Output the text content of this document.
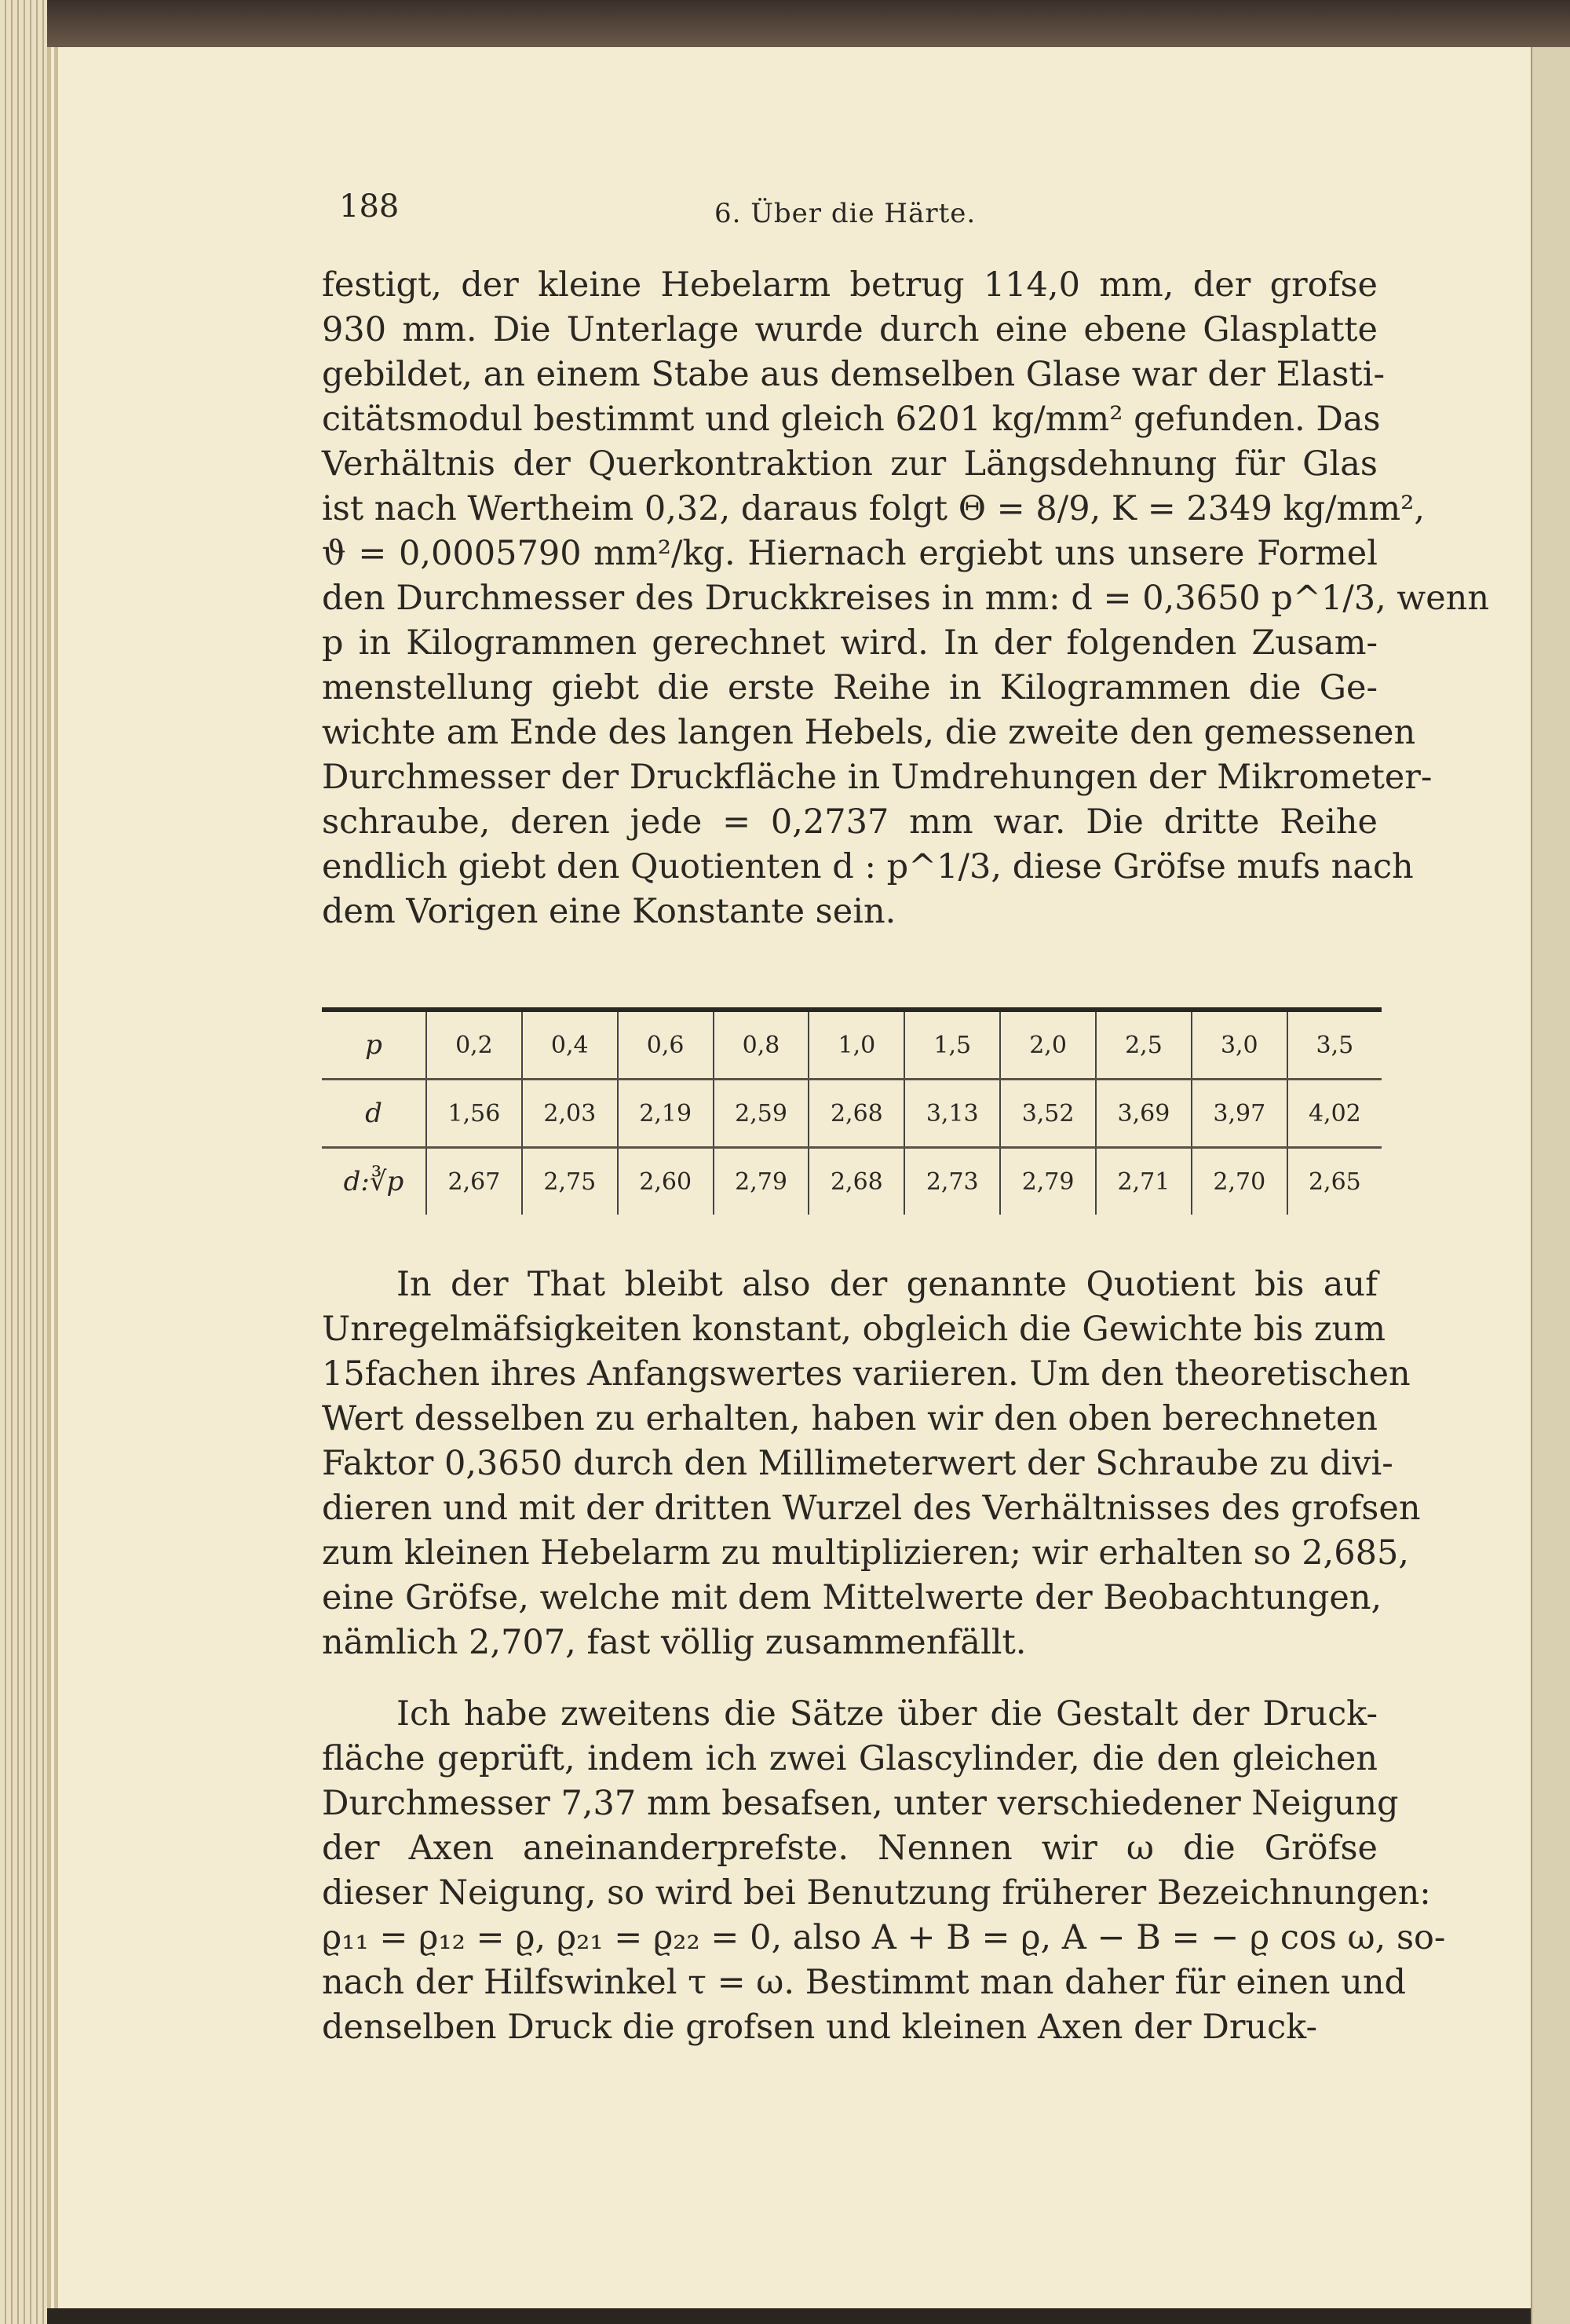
188	6. Über die Härte.
festigt, der kleine Hebelarm betrug 114,0 mm, der grofse
930 mm. Die Unterlage wurde durch eine ebene Glasplatte
gebildet, an einem Stabe aus demselben Glase war der Elasti-
citätsmodul bestimmt und gleich 6201 kg/mm² gefunden. Das
Verhältnis der Querkontraktion zur Längsdehnung für Glas
ist nach Wertheim 0,32, daraus folgt Θ = 8/9, K = 2349 kg/mm²,
ϑ = 0,0005790 mm²/kg. Hiernach ergiebt uns unsere Formel
den Durchmesser des Druckkreises in mm: d = 0,3650 p^1/3, wenn
p in Kilogrammen gerechnet wird. In der folgenden Zusam-
menstellung giebt die erste Reihe in Kilogrammen die Ge-
wichte am Ende des langen Hebels, die zweite den gemessenen
Durchmesser der Druckfläche in Umdrehungen der Mikrometer-
schraube, deren jede = 0,2737 mm war. Die dritte Reihe
endlich giebt den Quotienten d : p^1/3, diese Gröfse mufs nach
dem Vorigen eine Konstante sein.
p	0,2	0,4	0,6	0,8	1,0	1,5	2,0	2,5	3,0	3,5
d	1,56	2,03	2,19	2,59	2,68	3,13	3,52	3,69	3,97	4,02
d:∛p	2,67	2,75	2,60	2,79	2,68	2,73	2,79	2,71	2,70	2,65
In der That bleibt also der genannte Quotient bis auf
Unregelmäfsigkeiten konstant, obgleich die Gewichte bis zum
15fachen ihres Anfangswertes variieren. Um den theoretischen
Wert desselben zu erhalten, haben wir den oben berechneten
Faktor 0,3650 durch den Millimeterwert der Schraube zu divi-
dieren und mit der dritten Wurzel des Verhältnisses des grofsen
zum kleinen Hebelarm zu multiplizieren; wir erhalten so 2,685,
eine Gröfse, welche mit dem Mittelwerte der Beobachtungen,
nämlich 2,707, fast völlig zusammenfällt.
Ich habe zweitens die Sätze über die Gestalt der Druck-
fläche geprüft, indem ich zwei Glascylinder, die den gleichen
Durchmesser 7,37 mm besafsen, unter verschiedener Neigung
der Axen aneinanderprefste. Nennen wir ω die Gröfse
dieser Neigung, so wird bei Benutzung früherer Bezeichnungen:
ϱ₁₁ = ϱ₁₂ = ϱ, ϱ₂₁ = ϱ₂₂ = 0, also A + B = ϱ, A − B = − ϱ cos ω, so-
nach der Hilfswinkel τ = ω. Bestimmt man daher für einen und
denselben Druck die grofsen und kleinen Axen der Druck-
